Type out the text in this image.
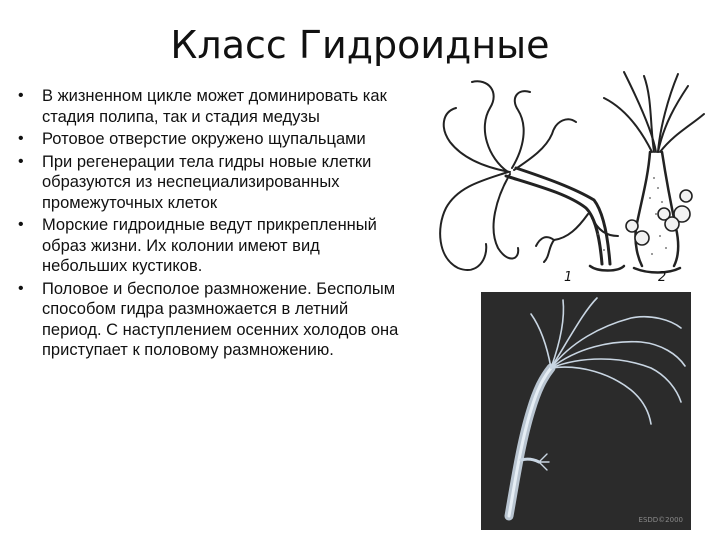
Класс Гидроидные
• В жизненном цикле может доминировать как стадия полипа, так и стадия медузы
• Ротовое отверстие окружено щупальцами
• При регенерации тела гидры новые клетки образуются из неспециализированных промежуточных клеток
• Морские гидроидные ведут прикрепленный образ жизни. Их колонии имеют вид небольших кустиков.
• Половое и бесполое размножение. Бесполым способом гидра размножается в летний период. С наступлением осенних холодов она приступает к половому размножению.
1	2
ESDD©2000
